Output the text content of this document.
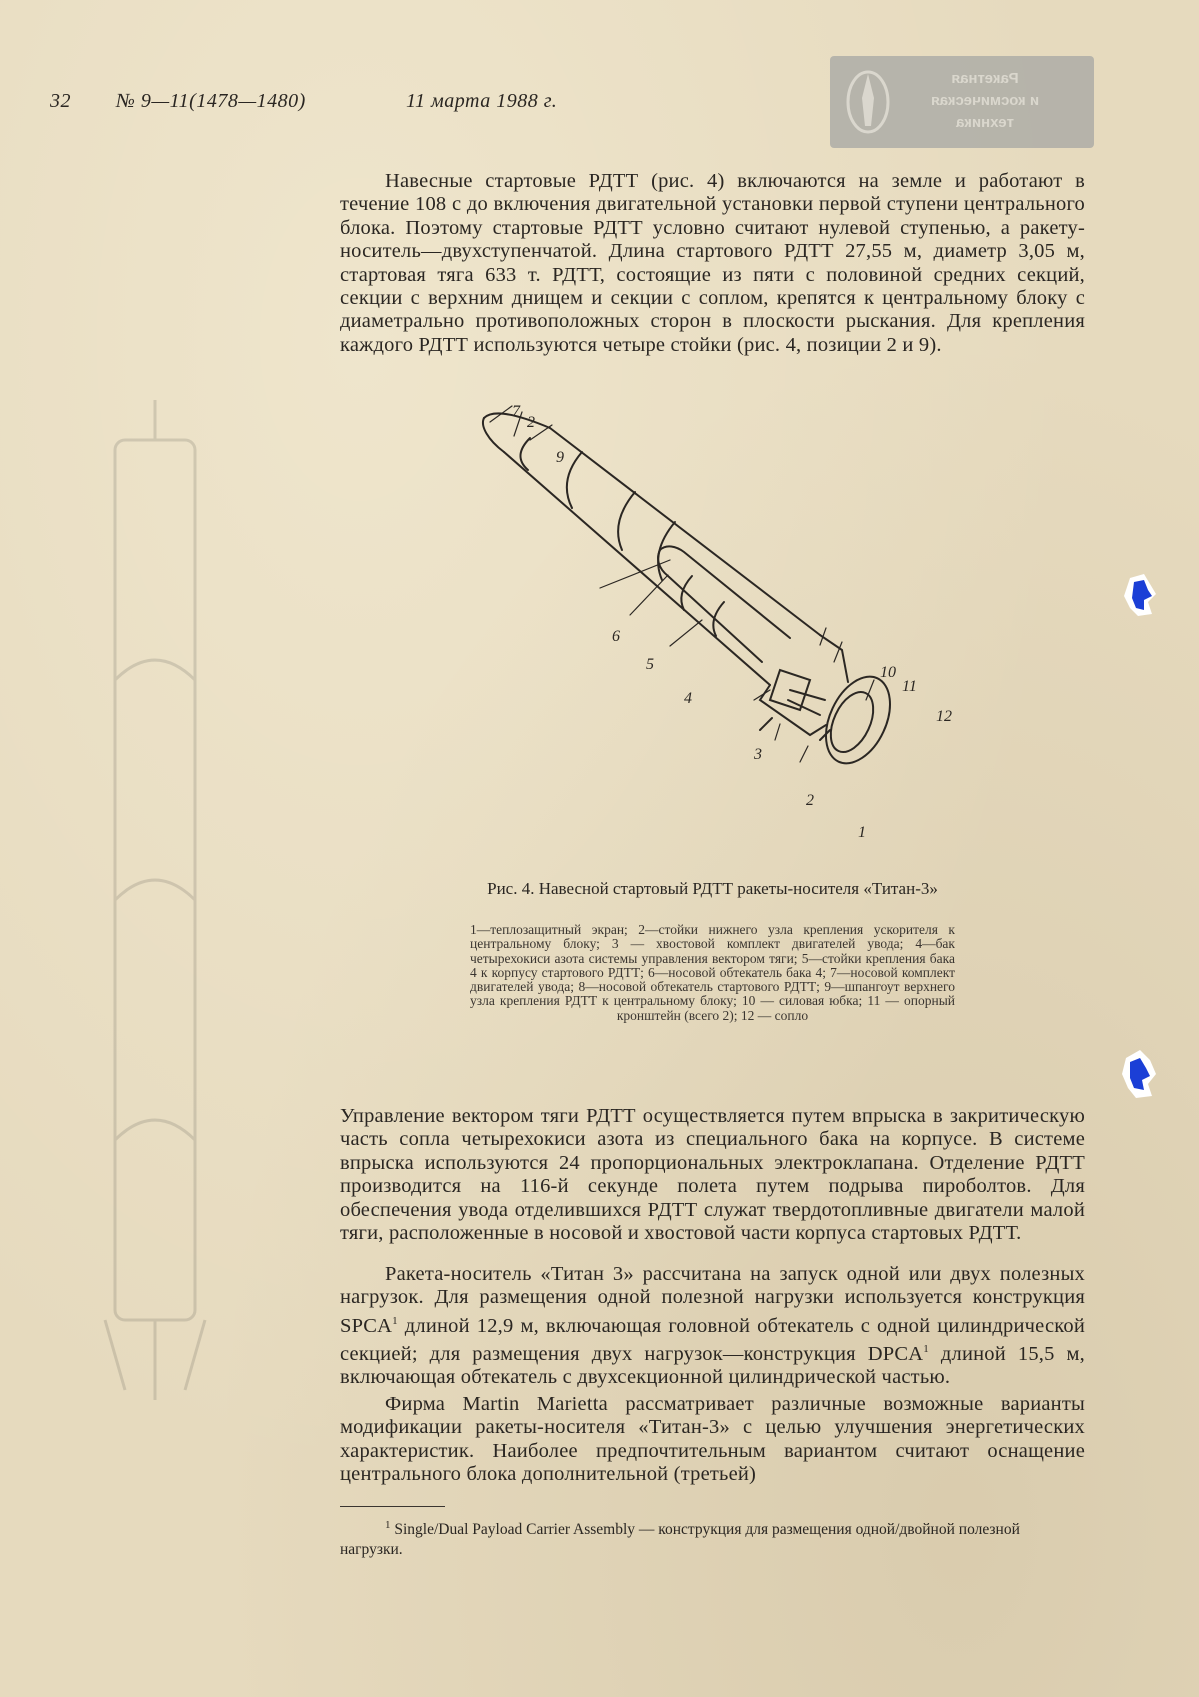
32 № 9—11(1478—1480)	11 марта 1988 г.
Ракетная
и космическая
техника

Навесные стартовые РДТТ (рис. 4) включаются на земле и работают в течение 108 с до включения двигательной установки первой ступени центрального блока. Поэтому стартовые РДТТ условно считают нулевой ступенью, а ракету-носитель—двухступенчатой. Длина стартового РДТТ 27,55 м, диаметр 3,05 м, стартовая тяга 633 т. РДТТ, состоящие из пяти с половиной средних секций, секции с верхним днищем и секции с соплом, крепятся к центральному блоку с диаметрально противоположных сторон в плоскости рыскания. Для крепления каждого РДТТ используются четыре стойки (рис. 4, позиции 2 и 9).

7
2
9
6
5
4
10
11
12
3
2
1
Рис. 4. Навесной стартовый РДТТ ракеты-носителя «Титан-3»
1—теплозащитный экран; 2—стойки нижнего узла крепления ускорителя к центральному блоку; 3 — хвостовой комплект двигателей увода; 4—бак четырехокиси азота системы управления вектором тяги; 5—стойки крепления бака 4 к корпусу стартового РДТТ; 6—носовой обтекатель бака 4; 7—носовой комплект двигателей увода; 8—носовой обтекатель стартового РДТТ; 9—шпангоут верхнего узла крепления РДТТ к центральному блоку; 10 — силовая юбка; 11 — опорный кронштейн (всего 2); 12 — сопло

Управление вектором тяги РДТТ осуществляется путем впрыска в закритическую часть сопла четырехокиси азота из специального бака на корпусе. В системе впрыска используются 24 пропорциональных электроклапана. Отделение РДТТ производится на 116-й секунде полета путем подрыва пироболтов. Для обеспечения увода отделившихся РДТТ служат твердотопливные двигатели малой тяги, расположенные в носовой и хвостовой части корпуса стартовых РДТТ.

Ракета-носитель «Титан 3» рассчитана на запуск одной или двух полезных нагрузок. Для размещения одной полезной нагрузки используется конструкция SPCA$^1$ длиной 12,9 м, включающая головной обтекатель с одной цилиндрической секцией; для размещения двух нагрузок—конструкция DPCA$^1$ длиной 15,5 м, включающая обтекатель с двухсекционной цилиндрической частью.

Фирма Martin Marietta рассматривает различные возможные варианты модификации ракеты-носителя «Титан-3» с целью улучшения энергетических характеристик. Наиболее предпочтительным вариантом считают оснащение центрального блока дополнительной (третьей)

$^1$ Single/Dual Payload Carrier Assembly — конструкция для размещения одной/двойной полезной нагрузки.
